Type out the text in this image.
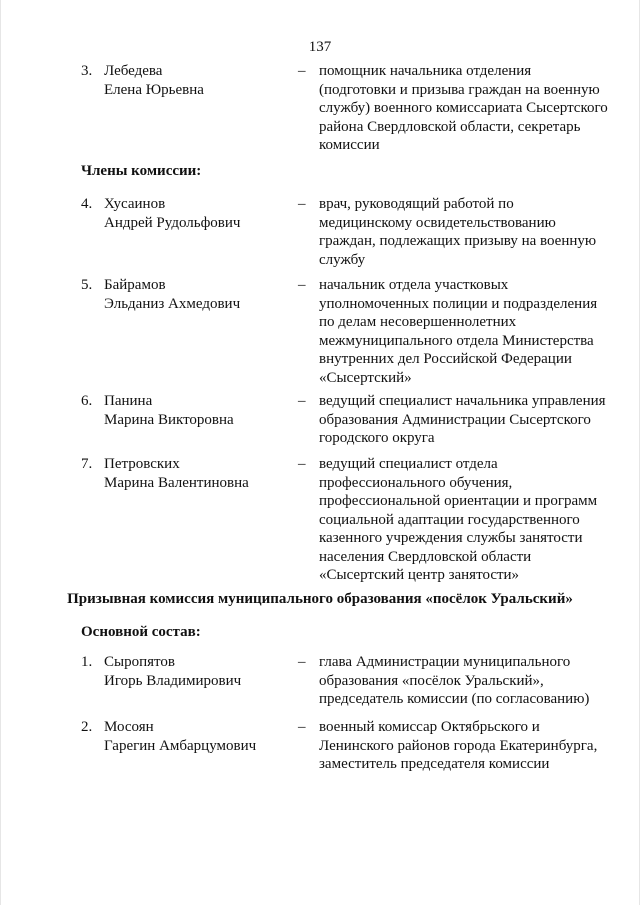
137
3. Лебедева
Елена Юрьевна
– помощник начальника отделения
(подготовки и призыва граждан на военную
службу) военного комиссариата Сысертского
района Свердловской области, секретарь
комиссии
Члены комиссии:
4. Хусаинов
Андрей Рудольфович
– врач, руководящий работой по
медицинскому освидетельствованию
граждан, подлежащих призыву на военную
службу
5. Байрамов
Эльданиз Ахмедович
– начальник отдела участковых
уполномоченных полиции и подразделения
по делам несовершеннолетних
межмуниципального отдела Министерства
внутренних дел Российской Федерации
«Сысертский»
6. Панина
Марина Викторовна
– ведущий специалист начальника управления
образования Администрации Сысертского
городского округа
7. Петровских
Марина Валентиновна
– ведущий специалист отдела
профессионального обучения,
профессиональной ориентации и программ
социальной адаптации государственного
казенного учреждения службы занятости
населения Свердловской области
«Сысертский центр занятости»
Призывная комиссия муниципального образования «посёлок Уральский»
Основной состав:
1. Сыропятов
Игорь Владимирович
– глава Администрации муниципального
образования «посёлок Уральский»,
председатель комиссии (по согласованию)
2. Мосоян
Гарегин Амбарцумович
– военный комиссар Октябрьского и
Ленинского районов города Екатеринбурга,
заместитель председателя комиссии
